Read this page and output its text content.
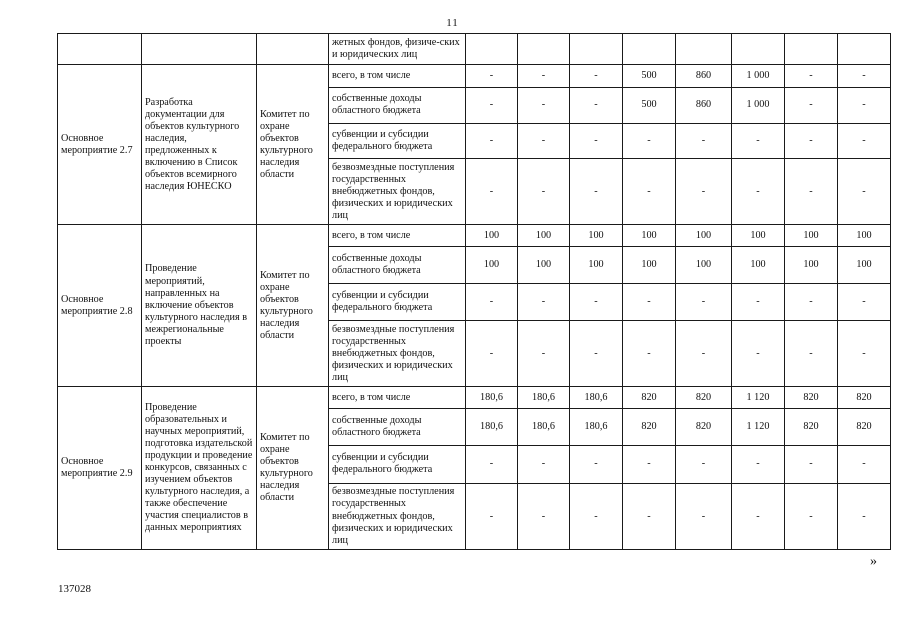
11
			жетных фондов, физиче-ских и юридических лиц								
Основное мероприятие 2.7	Разработка документации для объектов культурного наследия, предложенных к включению в Список объектов всемирного наследия ЮНЕСКО	Комитет по охране объектов культурного наследия области	всего, в том числе	-	-	-	500	860	1 000	-	-
			собственные доходы областного бюджета	-	-	-	500	860	1 000	-	-
			субвенции и субсидии федерального бюджета	-	-	-	-	-	-	-	-
			безвозмездные поступления государственных внебюджетных фондов, физических и юридических лиц	-	-	-	-	-	-	-	-
Основное мероприятие 2.8	Проведение мероприятий, направленных на включение объектов культурного наследия в межрегиональные проекты	Комитет по охране объектов культурного наследия области	всего, в том числе	100	100	100	100	100	100	100	100
			собственные доходы областного бюджета	100	100	100	100	100	100	100	100
			субвенции и субсидии федерального бюджета	-	-	-	-	-	-	-	-
			безвозмездные поступления государственных внебюджетных фондов, физических и юридических лиц	-	-	-	-	-	-	-	-
Основное мероприятие 2.9	Проведение образовательных и научных мероприятий, подготовка издательской продукции и проведение конкурсов, связанных с изучением объектов культурного наследия, а также обеспечение участия специалистов в данных мероприятиях	Комитет по охране объектов культурного наследия области	всего, в том числе	180,6	180,6	180,6	820	820	1 120	820	820
			собственные доходы областного бюджета	180,6	180,6	180,6	820	820	1 120	820	820
			субвенции и субсидии федерального бюджета	-	-	-	-	-	-	-	-
			безвозмездные поступления государственных внебюджетных фондов, физических и юридических лиц	-	-	-	-	-	-	-	-
»
137028
